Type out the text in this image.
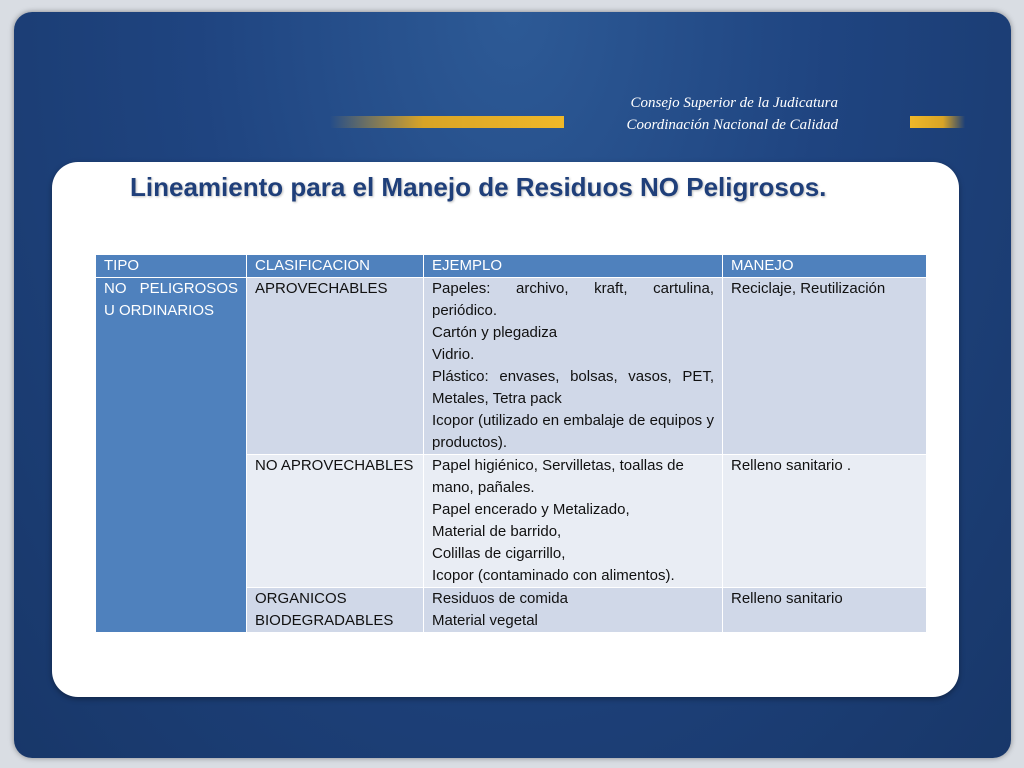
Consejo Superior de la Judicatura
Coordinación Nacional de Calidad
Lineamiento para el Manejo de Residuos NO Peligrosos.
TIPO	CLASIFICACION	EJEMPLO	MANEJO
NO PELIGROSOS U ORDINARIOS	APROVECHABLES	Papeles: archivo, kraft, cartulina, periódico.
Cartón y plegadiza
Vidrio.
Plástico: envases, bolsas, vasos, PET, Metales, Tetra pack
Icopor (utilizado en embalaje de equipos y productos).	Reciclaje, Reutilización
	NO APROVECHABLES	Papel higiénico, Servilletas, toallas de mano, pañales.
Papel encerado y Metalizado,
Material de barrido,
Colillas de cigarrillo,
Icopor (contaminado con alimentos).	Relleno sanitario .
	ORGANICOS BIODEGRADABLES	Residuos de comida
Material vegetal	Relleno sanitario
